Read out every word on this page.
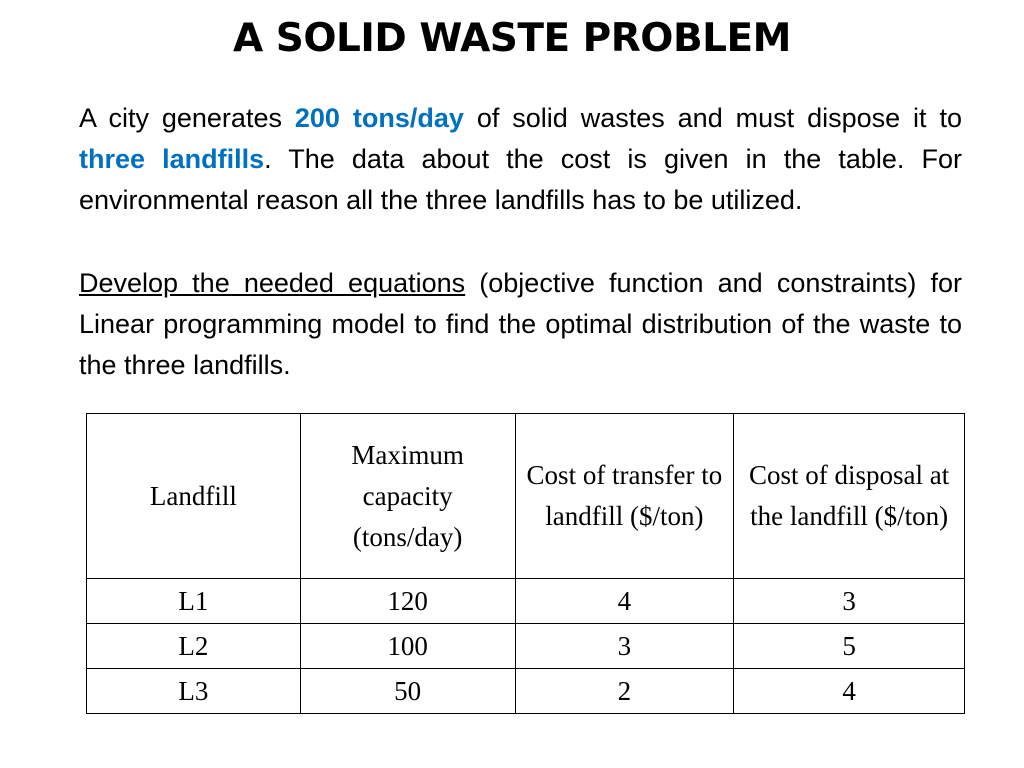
A SOLID WASTE PROBLEM

A city generates 200 tons/day of solid wastes and must dispose it to three landfills. The data about the cost is given in the table. For environmental reason all the three landfills has to be utilized.

Develop the needed equations (objective function and constraints) for Linear programming model to find the optimal distribution of the waste to the three landfills.

Landfill	Maximum capacity (tons/day)	Cost of transfer to landfill ($/ton)	Cost of disposal at the landfill ($/ton)
L1	120	4	3
L2	100	3	5
L3	50	2	4
